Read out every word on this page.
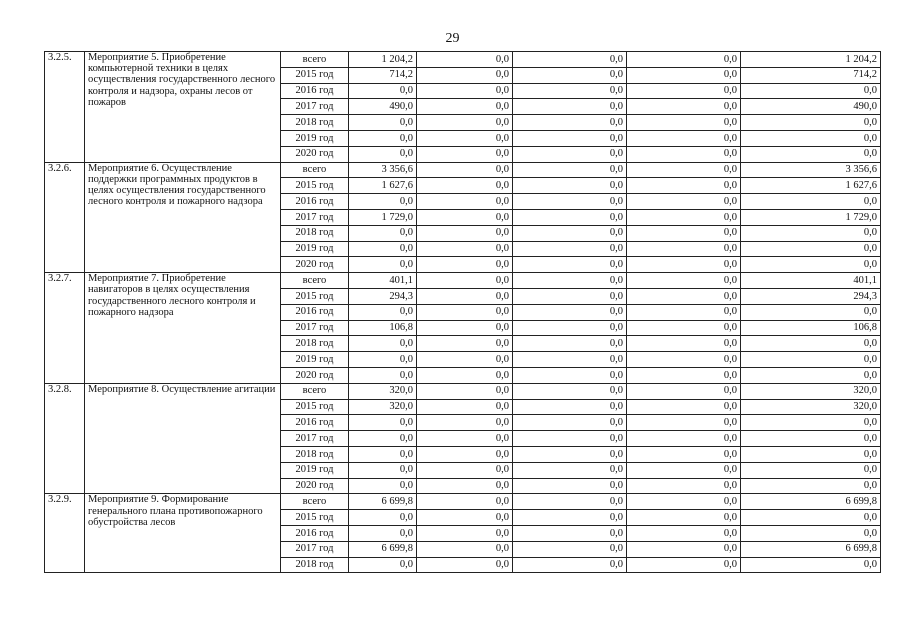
29
3.2.5.	Мероприятие 5. Приобретение компьютерной техники в целях осуществления государственного лесного контроля и надзора, охраны лесов от пожаров	всего	1 204,2	0,0	0,0	0,0	1 204,2
		2015 год	714,2	0,0	0,0	0,0	714,2
		2016 год	0,0	0,0	0,0	0,0	0,0
		2017 год	490,0	0,0	0,0	0,0	490,0
		2018 год	0,0	0,0	0,0	0,0	0,0
		2019 год	0,0	0,0	0,0	0,0	0,0
		2020 год	0,0	0,0	0,0	0,0	0,0
3.2.6.	Мероприятие 6. Осуществление поддержки программных продуктов в целях осуществления государственного лесного контроля и пожарного надзора	всего	3 356,6	0,0	0,0	0,0	3 356,6
		2015 год	1 627,6	0,0	0,0	0,0	1 627,6
		2016 год	0,0	0,0	0,0	0,0	0,0
		2017 год	1 729,0	0,0	0,0	0,0	1 729,0
		2018 год	0,0	0,0	0,0	0,0	0,0
		2019 год	0,0	0,0	0,0	0,0	0,0
		2020 год	0,0	0,0	0,0	0,0	0,0
3.2.7.	Мероприятие 7. Приобретение навигаторов в целях осуществления государственного лесного контроля и пожарного надзора	всего	401,1	0,0	0,0	0,0	401,1
		2015 год	294,3	0,0	0,0	0,0	294,3
		2016 год	0,0	0,0	0,0	0,0	0,0
		2017 год	106,8	0,0	0,0	0,0	106,8
		2018 год	0,0	0,0	0,0	0,0	0,0
		2019 год	0,0	0,0	0,0	0,0	0,0
		2020 год	0,0	0,0	0,0	0,0	0,0
3.2.8.	Мероприятие 8. Осуществление агитации	всего	320,0	0,0	0,0	0,0	320,0
		2015 год	320,0	0,0	0,0	0,0	320,0
		2016 год	0,0	0,0	0,0	0,0	0,0
		2017 год	0,0	0,0	0,0	0,0	0,0
		2018 год	0,0	0,0	0,0	0,0	0,0
		2019 год	0,0	0,0	0,0	0,0	0,0
		2020 год	0,0	0,0	0,0	0,0	0,0
3.2.9.	Мероприятие 9. Формирование генерального плана противопожарного обустройства лесов	всего	6 699,8	0,0	0,0	0,0	6 699,8
		2015 год	0,0	0,0	0,0	0,0	0,0
		2016 год	0,0	0,0	0,0	0,0	0,0
		2017 год	6 699,8	0,0	0,0	0,0	6 699,8
		2018 год	0,0	0,0	0,0	0,0	0,0
